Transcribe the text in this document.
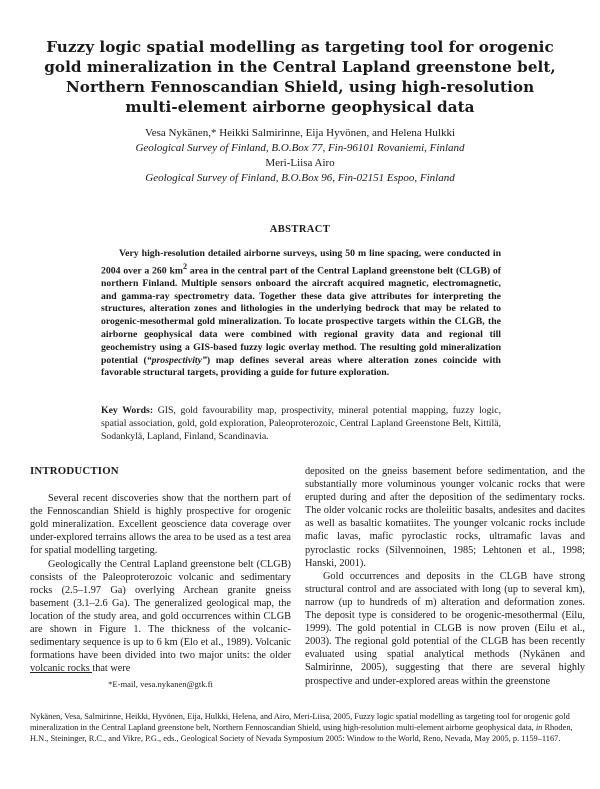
Fuzzy logic spatial modelling as targeting tool for orogenic
gold mineralization in the Central Lapland greenstone belt,
Northern Fennoscandian Shield, using high-resolution
multi-element airborne geophysical data
Vesa Nykänen,* Heikki Salmirinne, Eija Hyvönen, and Helena Hulkki
Geological Survey of Finland, B.O.Box 77, Fin-96101 Rovaniemi, Finland
Meri-Liisa Airo
Geological Survey of Finland, B.O.Box 96, Fin-02151 Espoo, Finland
ABSTRACT

Very high-resolution detailed airborne surveys, using 50 m line spacing, were conducted in 2004 over a 260 $km^2$ area in the central part of the Central Lapland greenstone belt (CLGB) of northern Finland. Multiple sensors onboard the aircraft acquired magnetic, electromagnetic, and gamma-ray spectrometry data. Together these data give attributes for interpreting the structures, alteration zones and lithologies in the underlying bedrock that may be related to orogenic-mesothermal gold mineralization. To locate prospective targets within the CLGB, the airborne geophysical data were combined with regional gravity data and regional till geochemistry using a GIS-based fuzzy logic overlay method. The resulting gold mineralization potential (“prospectivity”) map defines several areas where alteration zones coincide with favorable structural targets, providing a guide for future exploration.

Key Words: GIS, gold favourability map, prospectivity, mineral potential mapping, fuzzy logic, spatial association, gold, gold exploration, Paleoproterozoic, Central Lapland Greenstone Belt, Kittilä, Sodankylä, Lapland, Finland, Scandinavia.
INTRODUCTION

Several recent discoveries show that the northern part of the Fennoscandian Shield is highly prospective for orogenic gold mineralization. Excellent geoscience data coverage over under-explored terrains allows the area to be used as a test area for spatial modelling targeting.

Geologically the Central Lapland greenstone belt (CLGB) consists of the Paleoproterozoic volcanic and sedimentary rocks (2.5–1.97 Ga) overlying Archean granite gneiss basement (3.1–2.6 Ga). The generalized geological map, the location of the study area, and gold occurrences within CLGB are shown in Figure 1. The thickness of the volcanic-sedimentary sequence is up to 6 km (Elo et al., 1989). Volcanic formations have been divided into two major units: the older volcanic rocks that were

deposited on the gneiss basement before sedimentation, and the substantially more voluminous younger volcanic rocks that were erupted during and after the deposition of the sedimentary rocks. The older volcanic rocks are tholeiitic basalts, andesites and dacites as well as basaltic komatiites. The younger volcanic rocks include mafic lavas, mafic pyroclastic rocks, ultramafic lavas and pyroclastic rocks (Silvennoinen, 1985; Lehtonen et al., 1998; Hanski, 2001).

Gold occurrences and deposits in the CLGB have strong structural control and are associated with long (up to several km), narrow (up to hundreds of m) alteration and deformation zones. The deposit type is considered to be orogenic-mesothermal (Eilu, 1999). The gold potential in CLGB is now proven (Eilu et al., 2003). The regional gold potential of the CLGB has been recently evaluated using spatial analytical methods (Nykänen and Salmirinne, 2005), suggesting that there are several highly prospective and under-explored areas within the greenstone

*E-mail, vesa.nykanen@gtk.fi
Nykänen, Vesa, Salmirinne, Heikki, Hyvönen, Eija, Hulkki, Helena, and Airo, Meri-Liisa, 2005, Fuzzy logic spatial modelling as targeting tool for orogenic gold mineralization in the Central Lapland greenstone belt, Northern Fennoscandian Shield, using high-resolution multi-element airborne geophysical data, in Rhoden, H.N., Steininger, R.C., and Vikre, P.G., eds., Geological Society of Nevada Symposium 2005: Window to the World, Reno, Nevada, May 2005, p. 1159–1167.
